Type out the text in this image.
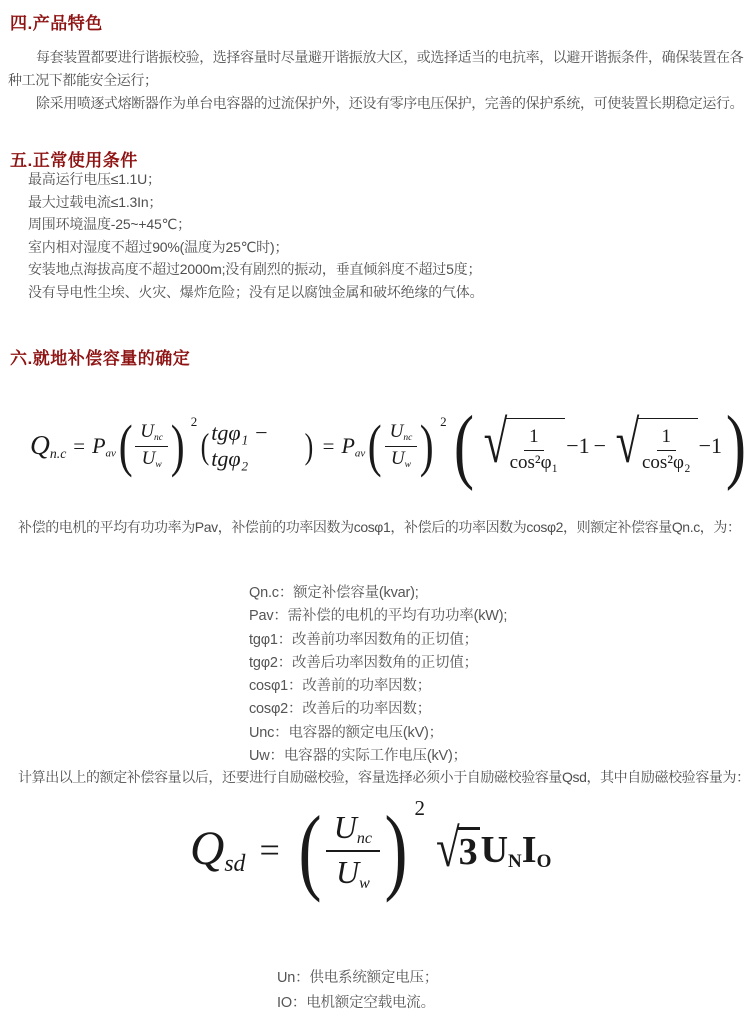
四.产品特色
每套装置都要进行谐振校验，选择容量时尽量避开谐振放大区，或选择适当的电抗率，以避开谐振条件，确保装置在各种工况下都能安全运行；
除采用喷逐式熔断器作为单台电容器的过流保护外，还设有零序电压保护，完善的保护系统，可使装置长期稳定运行。
五.正常使用条件
最高运行电压≤1.1U；
最大过载电流≤1.3In；
周围环境温度-25~+45℃；
室内相对湿度不超过90%(温度为25℃时)；
安装地点海拔高度不超过2000m;没有剧烈的振动，垂直倾斜度不超过5度；
没有导电性尘埃、火灾、爆炸危险；没有足以腐蚀金属和破坏绝缘的气体。
六.就地补偿容量的确定
$Q_{n.c} = P_{av}$ ( $\frac{U_{nc}}{U_w}$ ) 2
( tgφ₁ − tgφ₂	) = $P_{av}$ ( $\frac{U_{nc}}{U_w}$ ) 2 ( √ $\frac{1}{\text{cos²φ₁}} -1$ − √ $\frac{1}{\text{cos²φ₂}} -1$ )
补偿的电机的平均有功功率为Pav，补偿前的功率因数为cosφ1，补偿后的功率因数为cosφ2，则额定补偿容量Qn.c，为：
Qn.c：额定补偿容量(kvar);
Pav：需补偿的电机的平均有功功率(kW);
tgφ1：改善前功率因数角的正切值；
tgφ2：改善后功率因数角的正切值；
cosφ1：改善前的功率因数；
cosφ2：改善后的功率因数；
Unc：电容器的额定电压(kV)；
Uw：电容器的实际工作电压(kV)；
计算出以上的额定补偿容量以后，还要进行自励磁校验，容量选择必须小于自励磁校验容量Qsd，其中自励磁校验容量为：
$Q_{sd}$ = ( $\frac{U_{nc}}{U_w}$ ) 2
√
3 $U_N$ $I_O$
Un：供电系统额定电压；
IO：电机额定空载电流。
